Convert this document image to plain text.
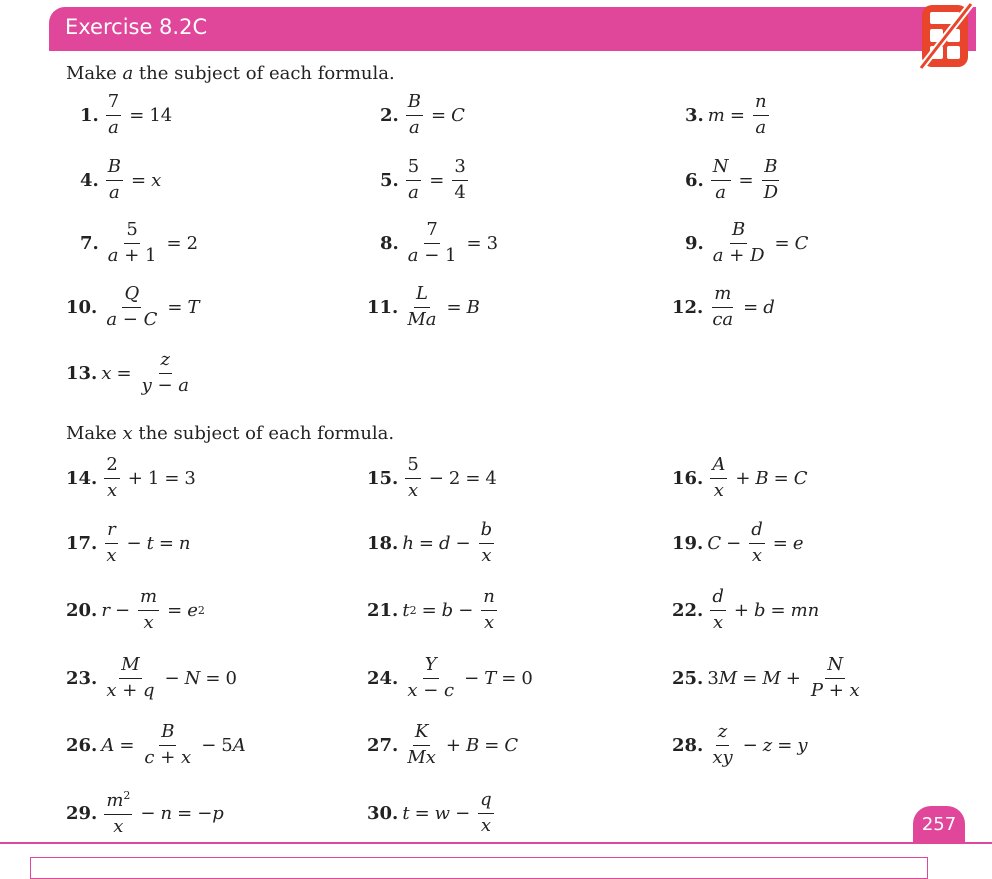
Exercise 8.2C
Make a the subject of each formula.
1. $\frac{7}{a} = 14$	2. $\frac{B}{a} = C$	3. $m = \frac{n}{a}$
4. $\frac{B}{a} = x$	5. $\frac{5}{a} = \frac{3}{4}$	6. $\frac{N}{a} = \frac{B}{D}$
7. $\frac{5}{a + 1} = 2$	8. $\frac{7}{a - 1} = 3$	9. $\frac{B}{a + D} = C$
10. $\frac{Q}{a - C} = T$	11. $\frac{L}{Ma} = B$	12. $\frac{m}{ca} = d$
13. $x = \frac{z}{y - a}$
Make x the subject of each formula.
14. $\frac{2}{x} + 1 = 3$	15. $\frac{5}{x} - 2 = 4$	16. $\frac{A}{x} + B = C$
17. $\frac{r}{x} - t = n$	18. $h = d - \frac{b}{x}$	19. $C - \frac{d}{x} = e$
20. $r - \frac{m}{x} = e$ 2	21. t $2 = b - \frac{n}{x}$	22. $\frac{d}{x} + b$ = mn
23. $\frac{M}{x + q} - N = 0$	24. $\frac{Y}{x - c} - T = 0$	25. 3 $M = M + \frac{N}{P + x}$
26. $A = \frac{B}{c + x} - 5$ A	27. $\frac{K}{Mx} + B = C$	28. $\frac{z}{xy} - z = y$
29. $\frac{m^2}{x} - n$ = − p	30. $t = w - \frac{q}{x}$	257
